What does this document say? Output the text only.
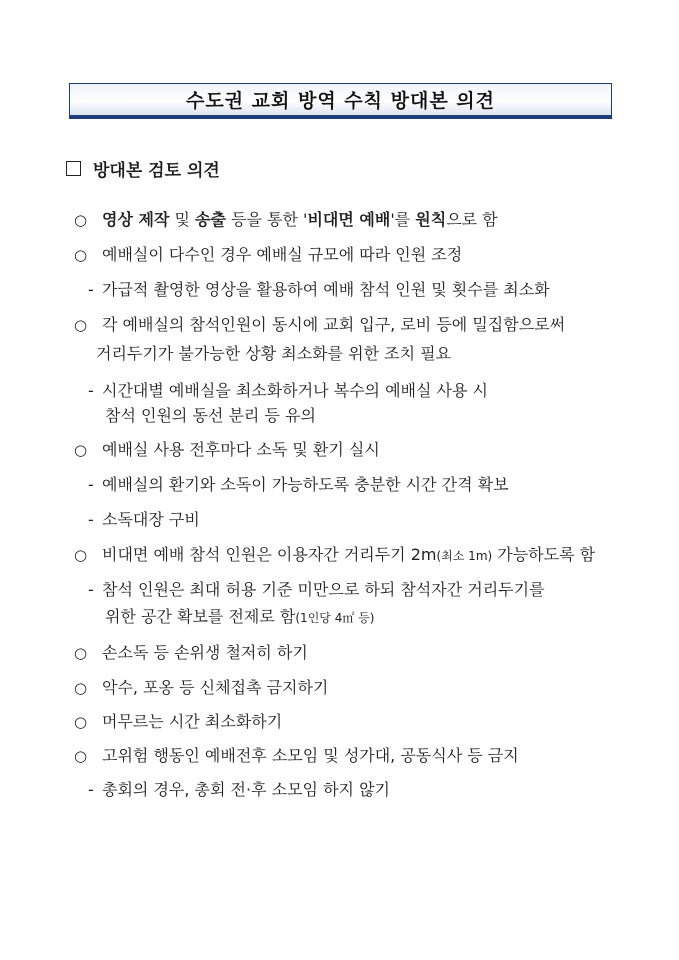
수도권 교회 방역 수칙 방대본 의견
방대본 검토 의견
○ 영상 제작 및 송출 등을 통한 '비대면 예배'를 원칙으로 함
○ 예배실이 다수인 경우 예배실 규모에 따라 인원 조정
- 가급적 촬영한 영상을 활용하여 예배 참석 인원 및 횟수를 최소화
○ 각 예배실의 참석인원이 동시에 교회 입구, 로비 등에 밀집함으로써
거리두기가 불가능한 상황 최소화를 위한 조치 필요
- 시간대별 예배실을 최소화하거나 복수의 예배실 사용 시
참석 인원의 동선 분리 등 유의
○ 예배실 사용 전후마다 소독 및 환기 실시
- 예배실의 환기와 소독이 가능하도록 충분한 시간 간격 확보
- 소독대장 구비
○ 비대면 예배 참석 인원은 이용자간 거리두기 2m(최소 1m) 가능하도록 함
- 참석 인원은 최대 허용 기준 미만으로 하되 참석자간 거리두기를
위한 공간 확보를 전제로 함(1인당 4㎡ 등)
○ 손소독 등 손위생 철저히 하기
○ 악수, 포옹 등 신체접촉 금지하기
○ 머무르는 시간 최소화하기
○ 고위험 행동인 예배전후 소모임 및 성가대, 공동식사 등 금지
- 총회의 경우, 총회 전·후 소모임 하지 않기
